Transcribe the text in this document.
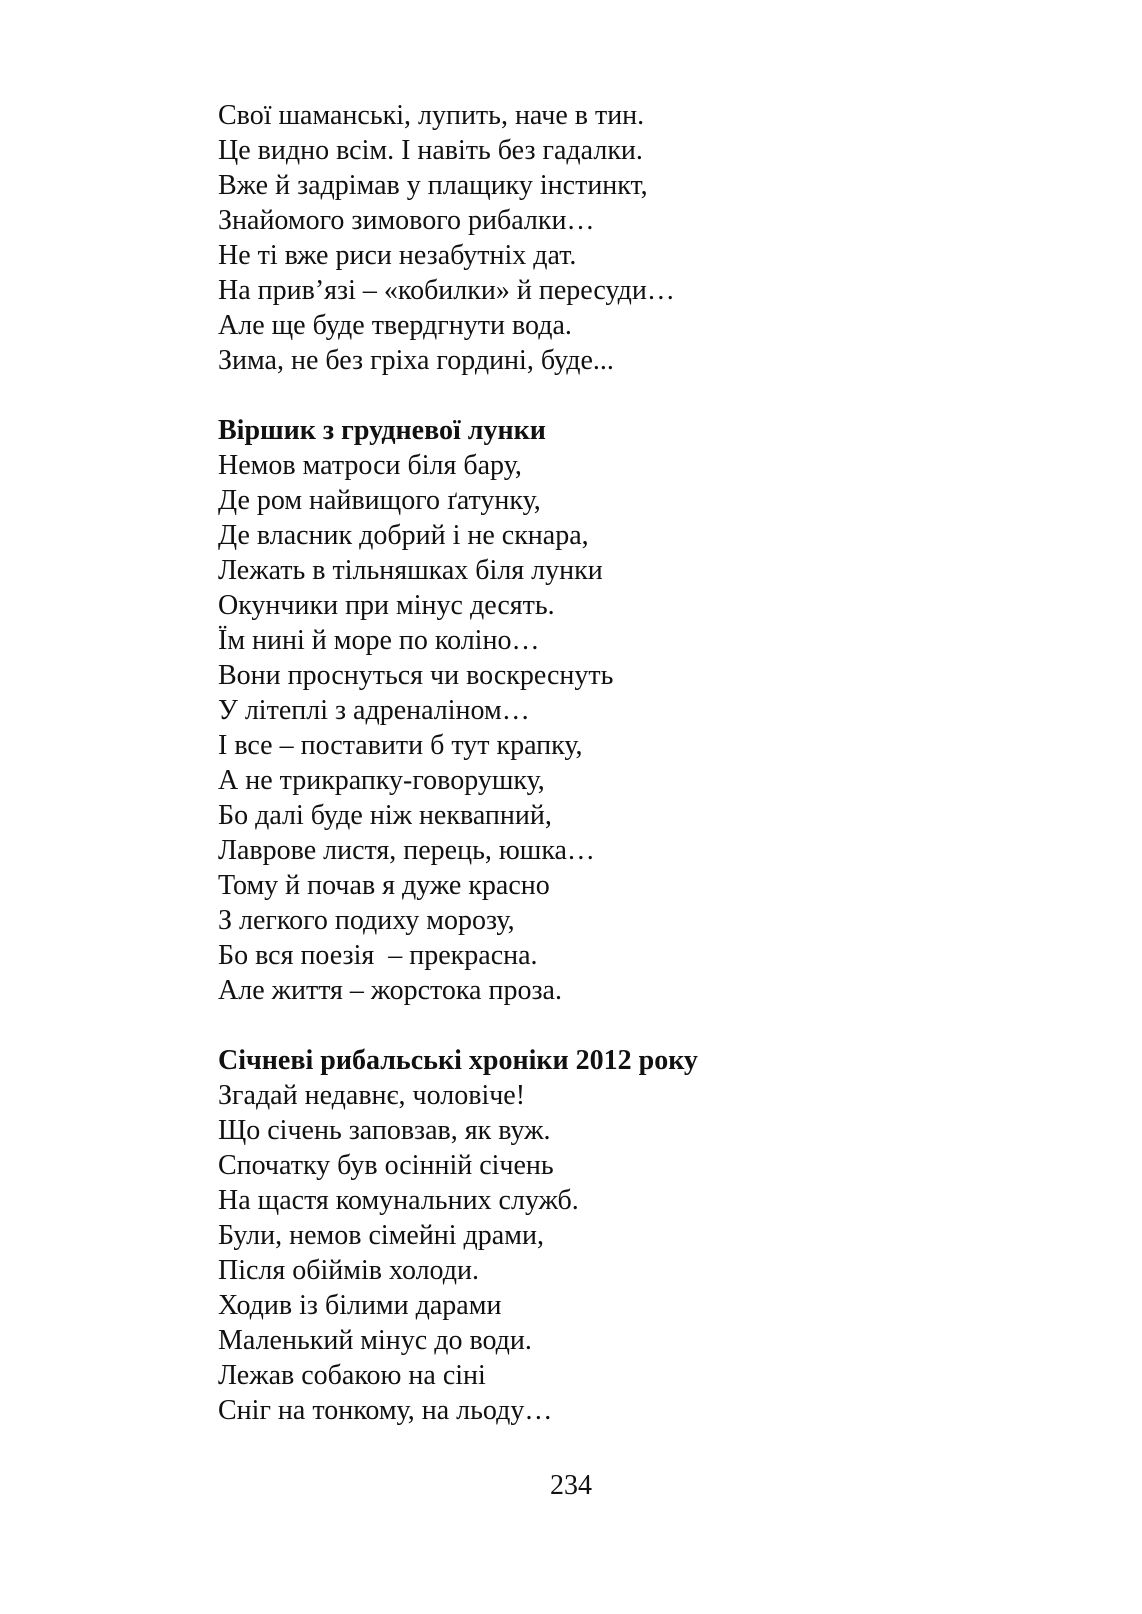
Свої шаманські, лупить, наче в тин.
Це видно всім. І навіть без гадалки.
Вже й задрімав у плащику інстинкт,
Знайомого зимового рибалки…
Не ті вже риси незабутніх дат.
На прив’язі – «кобилки» й пересуди…
Але ще буде твердгнути вода.
Зима, не без гріха гордині, буде...
Віршик з грудневої лунки
Немов матроси біля бару,
Де ром найвищого ґатунку,
Де власник добрий і не скнара,
Лежать в тільняшках біля лунки
Окунчики при мінус десять.
Їм нині й море по коліно…
Вони проснуться чи воскреснуть
У літеплі з адреналіном…
І все – поставити б тут крапку,
А не трикрапку-говорушку,
Бо далі буде ніж неквапний,
Лаврове листя, перець, юшка…
Тому й почав я дуже красно
З легкого подиху морозу,
Бо вся поезія  – прекрасна.
Але життя – жорстока проза.
Січневі рибальські хроніки 2012 року
Згадай недавнє, чоловіче!
Що січень заповзав, як вуж.
Спочатку був осінній січень
На щастя комунальних служб.
Були, немов сімейні драми,
Після обіймів холоди.
Ходив із білими дарами
Маленький мінус до води.
Лежав собакою на сіні
Сніг на тонкому, на льоду…
234
